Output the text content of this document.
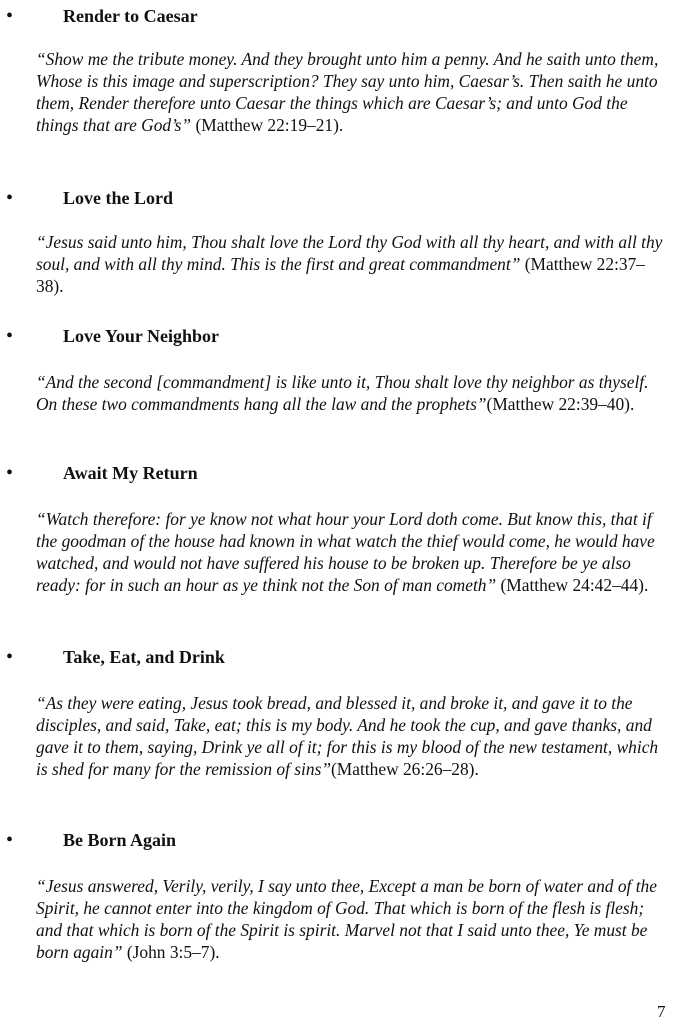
•	Render to Caesar

“Show me the tribute money. And they brought unto him a penny. And he saith unto them, Whose is this image and superscription? They say unto him, Caesar’s. Then saith he unto them, Render therefore unto Caesar the things which are Caesar’s; and unto God the things that are God’s” (Matthew 22:19–21).

•	Love the Lord

“Jesus said unto him, Thou shalt love the Lord thy God with all thy heart, and with all thy soul, and with all thy mind. This is the first and great commandment” (Matthew 22:37–38).

•	Love Your Neighbor

“And the second [commandment] is like unto it, Thou shalt love thy neighbor as thyself. On these two commandments hang all the law and the prophets”(Matthew 22:39–40).

•	Await My Return

“Watch therefore: for ye know not what hour your Lord doth come. But know this, that if the goodman of the house had known in what watch the thief would come, he would have watched, and would not have suffered his house to be broken up. Therefore be ye also ready: for in such an hour as ye think not the Son of man cometh” (Matthew 24:42–44).

•	Take, Eat, and Drink

“As they were eating, Jesus took bread, and blessed it, and broke it, and gave it to the disciples, and said, Take, eat; this is my body. And he took the cup, and gave thanks, and gave it to them, saying, Drink ye all of it; for this is my blood of the new testament, which is shed for many for the remission of sins”(Matthew 26:26–28).

•	Be Born Again

“Jesus answered, Verily, verily, I say unto thee, Except a man be born of water and of the Spirit, he cannot enter into the kingdom of God. That which is born of the flesh is flesh; and that which is born of the Spirit is spirit. Marvel not that I said unto thee, Ye must be born again” (John 3:5–7).

7
